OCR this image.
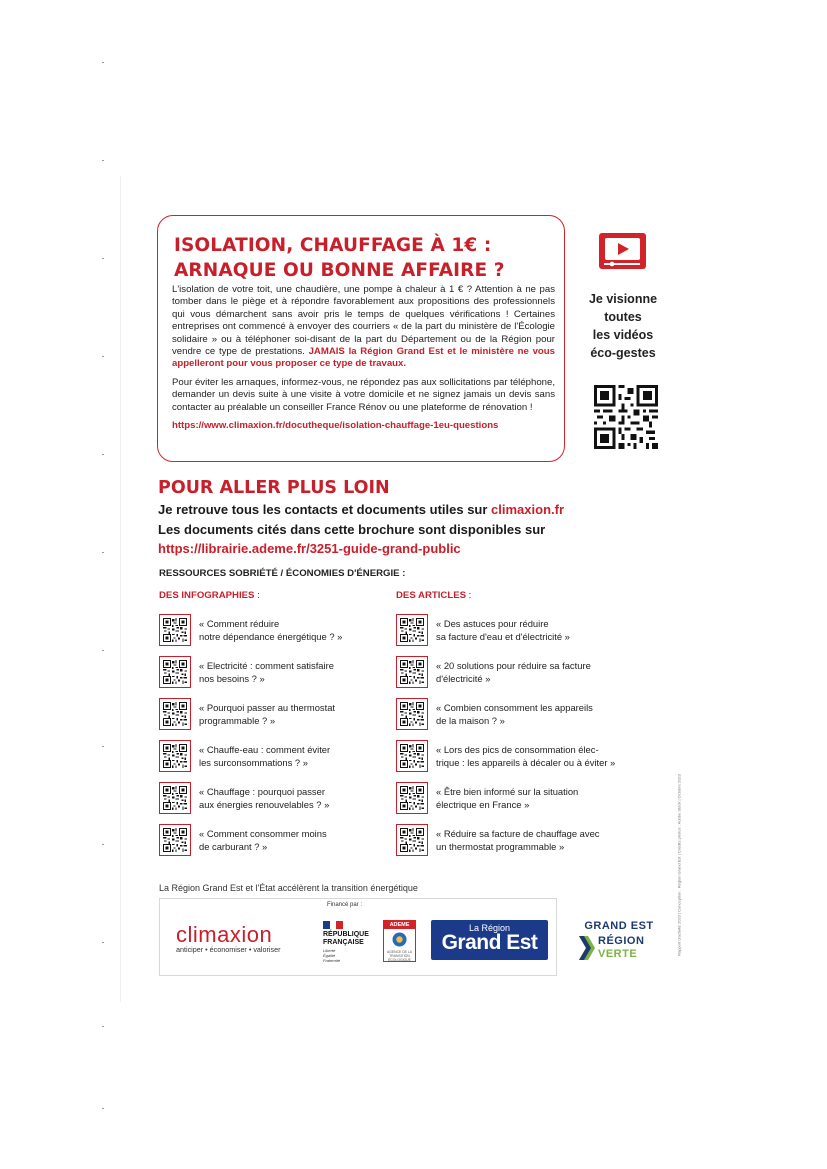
ISOLATION, CHAUFFAGE À 1€ :
ARNAQUE OU BONNE AFFAIRE ?

L'isolation de votre toit, une chaudière, une pompe à chaleur à 1 € ? Attention à ne pas tomber dans le piège et à répondre favorablement aux propositions des professionnels qui vous démarchent sans avoir pris le temps de quelques vérifications ! Certaines entreprises ont commencé à envoyer des courriers « de la part du ministère de l'Écologie solidaire » ou à téléphoner soi-disant de la part du Département ou de la Région pour vendre ce type de prestations. JAMAIS la Région Grand Est et le ministère ne vous appelleront pour vous proposer ce type de travaux.

Pour éviter les arnaques, informez-vous, ne répondez pas aux sollicitations par téléphone, demander un devis suite à une visite à votre domicile et ne signez jamais un devis sans contacter au préalable un conseiller France Rénov ou une plateforme de rénovation !

https://www.climaxion.fr/docutheque/isolation-chauffage-1eu-questions
Je visionne
toutes
les vidéos
éco-gestes
POUR ALLER PLUS LOIN
Je retrouve tous les contacts et documents utiles sur climaxion.fr
Les documents cités dans cette brochure sont disponibles sur
https://librairie.ademe.fr/3251-guide-grand-public
RESSOURCES SOBRIÉTÉ / ÉCONOMIES D'ÉNERGIE :
DES INFOGRAPHIES :	DES ARTICLES :
« Comment réduire
notre dépendance énergétique ? »
« Electricité : comment satisfaire
nos besoins ? »
« Pourquoi passer au thermostat
programmable ? »
« Chauffe-eau : comment éviter
les surconsommations ? »
« Chauffage : pourquoi passer
aux énergies renouvelables ? »
« Comment consommer moins
de carburant ? »
« Des astuces pour réduire
sa facture d'eau et d'électricité »
« 20 solutions pour réduire sa facture
d'électricité »
« Combien consomment les appareils
de la maison ? »
« Lors des pics de consommation élec-
trique : les appareils à décaler ou à éviter »
« Être bien informé sur la situation
électrique en France »
« Réduire sa facture de chauffage avec
un thermostat programmable »
La Région Grand Est et l'État accélèrent la transition énergétique
climaxion
anticiper • économiser • valoriser
Financé par :
RÉPUBLIQUE
FRANÇAISE
Liberté
Égalité
Fraternité
ADEME
AGENCE DE LA TRANSITION ÉCOLOGIQUE
La Région
Grand Est
GRAND EST
RÉGION
VERTE	Rapport d'activité 2023 | Conception : Région Grand Est | Crédits photos : Adobe Stock | Octobre 2023
